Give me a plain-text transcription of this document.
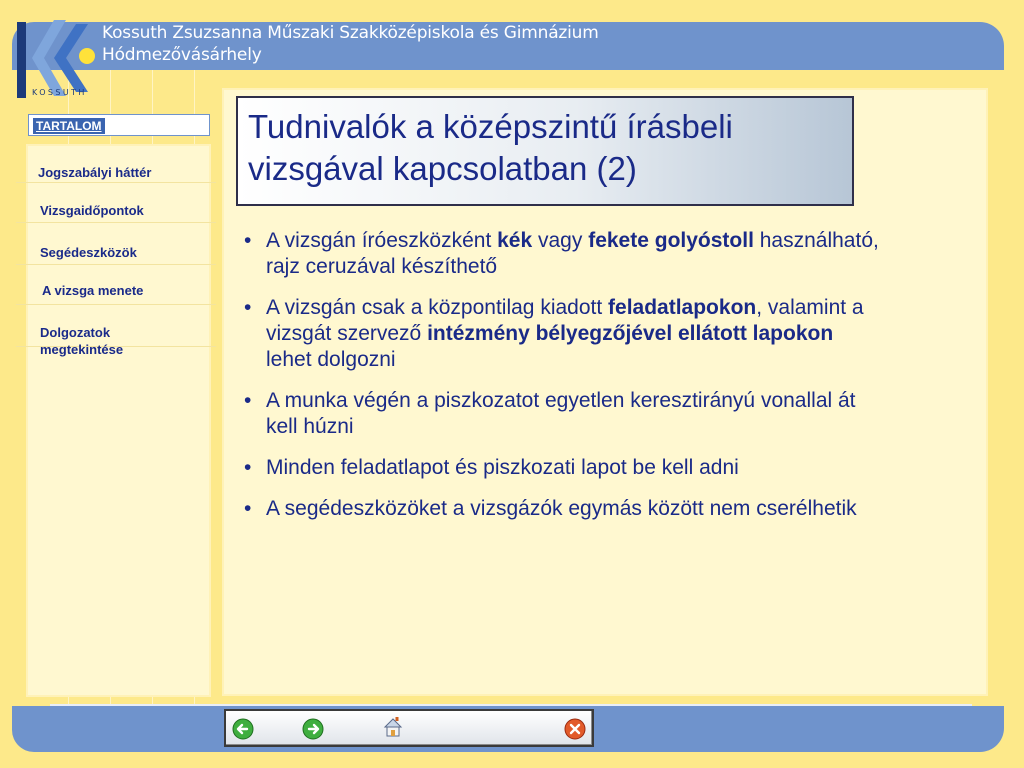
Kossuth Zsuzsanna Műszaki Szakközépiskola és Gimnázium
Hódmezővásárhely
KOSSUTH
TARTALOM
Jogszabályi háttér
Vizsgaidőpontok
Segédeszközök
A vizsga menete
Dolgozatok megtekintése
Tudnivalók a középszintű írásbeli vizsgával kapcsolatban (2)
• A vizsgán íróeszközként kék vagy fekete golyóstoll használható, rajz ceruzával készíthető
• A vizsgán csak a központilag kiadott feladatlapokon, valamint a vizsgát szervező intézmény bélyegzőjével ellátott lapokon lehet dolgozni
• A munka végén a piszkozatot egyetlen keresztirányú vonallal át kell húzni
• Minden feladatlapot és piszkozati lapot be kell adni
• A segédeszközöket a vizsgázók egymás között nem cserélhetik
